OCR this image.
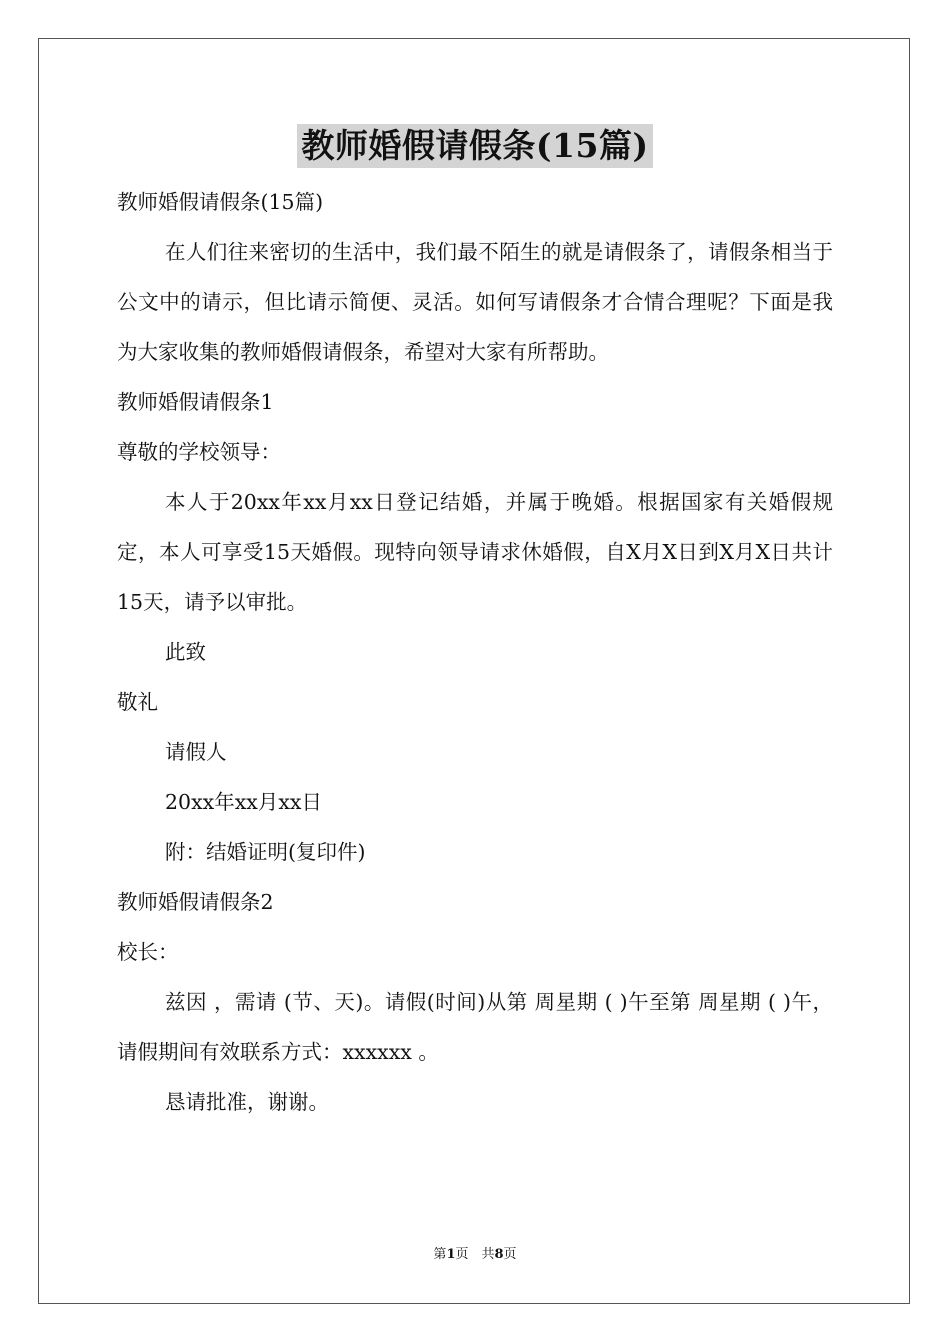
教师婚假请假条(15篇)

教师婚假请假条(15篇)

在人们往来密切的生活中，我们最不陌生的就是请假条了，请假条相当于公文中的请示，但比请示简便、灵活。如何写请假条才合情合理呢？下面是我为大家收集的教师婚假请假条，希望对大家有所帮助。

教师婚假请假条1

尊敬的学校领导：

本人于20xx年xx月xx日登记结婚，并属于晚婚。根据国家有关婚假规定，本人可享受15天婚假。现特向领导请求休婚假，自X月X日到X月X日共计15天，请予以审批。

此致

敬礼

请假人

20xx年xx月xx日

附：结婚证明(复印件)

教师婚假请假条2

校长：

兹因 ，需请 (节、天)。请假(时间)从第 周星期 ( )午至第 周星期 ( )午，请假期间有效联系方式：xxxxxx 。

恳请批准，谢谢。

第1页　共8页
